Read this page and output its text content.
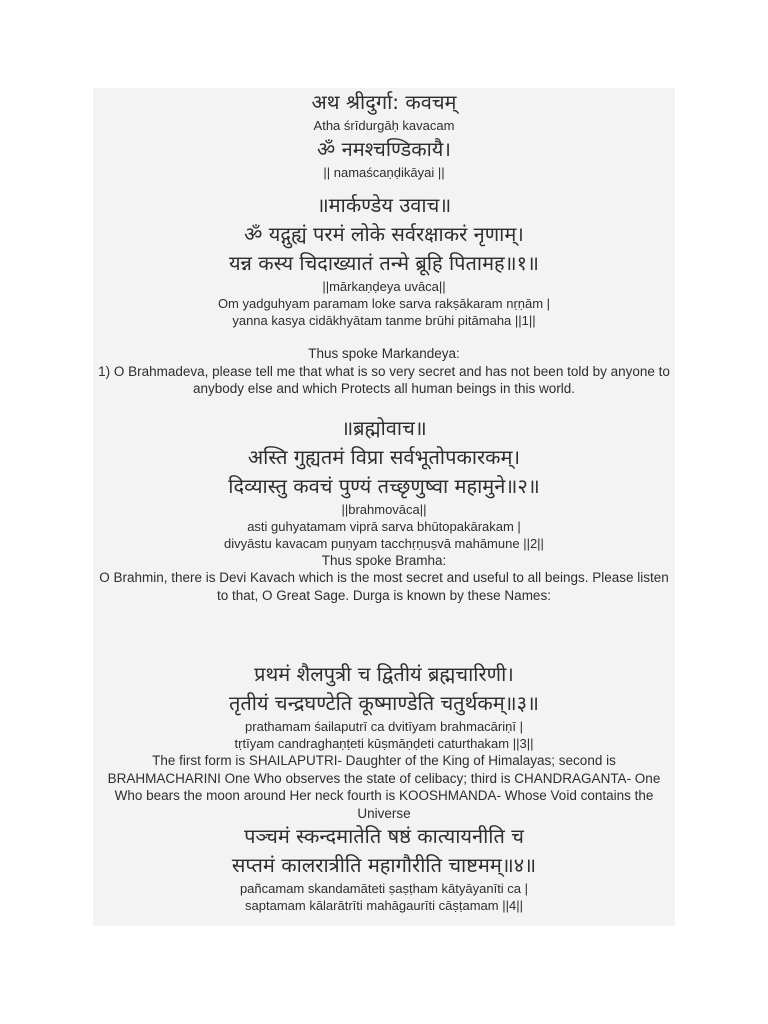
अथ श्रीदुर्गा: कवचम्

Atha śrīdurgāḥ kavacam

ॐ नमश्चण्डिकायै।

|| namaścaṇḍikāyai ||

॥मार्कण्डेय उवाच॥

ॐ यद्गुह्यं परमं लोके सर्वरक्षाकरं नृणाम्।

यन्न कस्य चिदाख्यातं तन्मे ब्रूहि पितामह॥१॥

||mārkaṇḍeya uvāca||

Om yadguhyam paramam loke sarva rakṣākaram nṛṇām |

yanna kasya cidākhyātam tanme brūhi pitāmaha ||1||

Thus spoke Markandeya:

1) O Brahmadeva, please tell me that what is so very secret and has not been told by anyone to anybody else and which Protects all human beings in this world.

॥ब्रह्मोवाच॥

अस्ति गुह्यतमं विप्रा सर्वभूतोपकारकम्।

दिव्यास्तु कवचं पुण्यं तच्छृणुष्वा महामुने॥२॥

||brahmovāca||

asti guhyatamam viprā sarva bhūtopakārakam |

divyāstu kavacam puṇyam tacchṛṇuṣvā mahāmune ||2||

Thus spoke Bramha:

O Brahmin, there is Devi Kavach which is the most secret and useful to all beings. Please listen to that, O Great Sage. Durga is known by these Names:

प्रथमं शैलपुत्री च द्वितीयं ब्रह्मचारिणी।

तृतीयं चन्द्रघण्टेति कूष्माण्डेति चतुर्थकम्॥३॥

prathamam śailaputrī ca dvitīyam brahmacāriṇī |

tṛtīyam candraghaṇṭeti kūṣmāṇḍeti caturthakam ||3||

The first form is SHAILAPUTRI- Daughter of the King of Himalayas; second is BRAHMACHARINI One Who observes the state of celibacy; third is CHANDRAGANTA- One Who bears the moon around Her neck fourth is KOOSHMANDA- Whose Void contains the Universe

पञ्चमं स्कन्दमातेति षष्ठं कात्यायनीति च

सप्तमं कालरात्रीति महागौरीति चाष्टमम्॥४॥

pañcamam skandamāteti ṣaṣṭham kātyāyanīti ca |

saptamam kālarātrīti mahāgaurīti cāṣṭamam ||4||
